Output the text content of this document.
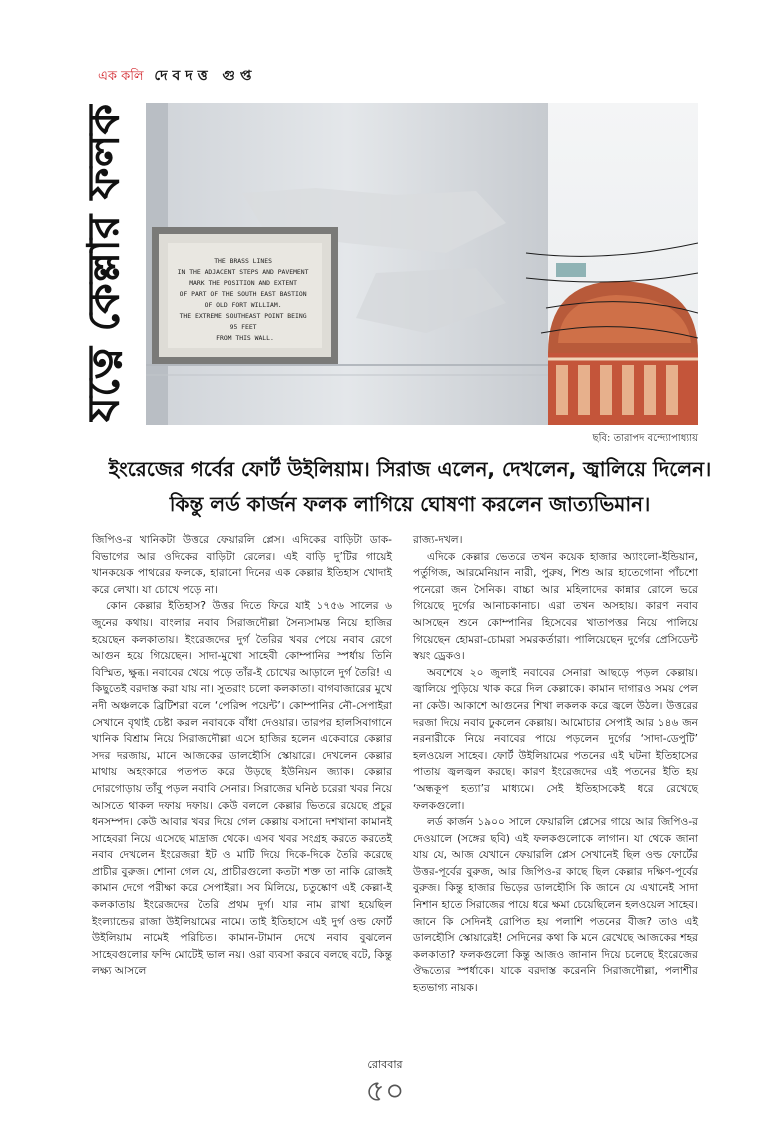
এক কলি দেবদত্ত গুপ্ত
যত্নে কেল্লার ফলক	THE BRASS LINES IN THE ADJACENT STEPS AND PAVEMENT MARK THE POSITION AND EXTENT OF PART OF THE SOUTH EAST BASTION OF OLD FORT WILLIAM. THE EXTREME SOUTHEAST POINT BEING 95 FEET FROM THIS WALL.
ছবি: তারাপদ বন্দ্যোপাধ্যায়
ইংরেজের গর্বের ফোর্ট উইলিয়াম। সিরাজ এলেন, দেখলেন, জ্বালিয়ে দিলেন। কিন্তু লর্ড কার্জন ফলক লাগিয়ে ঘোষণা করলেন জাত্যভিমান।

জিপিও-র খানিকটা উত্তরে ফেয়ারলি প্লেস। এদিকের বাড়িটা ডাক-বিভাগের আর ওদিকের বাড়িটা রেলের। এই বাড়ি দু’টির গায়েই খানকয়েক পাথরের ফলকে, হারানো দিনের এক কেল্লার ইতিহাস খোদাই করে লেখা। যা চোখে পড়ে না।

কোন কেল্লার ইতিহাস? উত্তর দিতে ফিরে যাই ১৭৫৬ সালের ৬ জুনের কথায়। বাংলার নবাব সিরাজদৌল্লা সৈন্যসামন্ত নিয়ে হাজির হয়েছেন কলকাতায়। ইংরেজদের দুর্গ তৈরির খবর পেয়ে নবাব রেগে আগুন হয়ে গিয়েছেন। সাদা-মুখো সাহেবী কোম্পানির স্পর্ধায় তিনি বিস্মিত, ক্ষুব্ধ। নবাবের খেয়ে পড়ে তাঁর-ই চোখের আড়ালে দুর্গ তৈরি! এ কিছুতেই বরদাস্ত করা যায় না। সুতরাং চলো কলকাতা। বাগবাজারের মুখে নদী অঞ্চলকে ব্রিটিশরা বলে ‘পেরিন্স পয়েন্ট’। কোম্পানির নৌ-সেপাইরা সেখানে বৃথাই চেষ্টা করল নবাবকে বাঁধা দেওয়ার। তারপর হালসিবাগানে খানিক বিশ্রাম নিয়ে সিরাজদৌল্লা এসে হাজির হলেন একেবারে কেল্লার সদর দরজায়, মানে আজকের ডালহৌসি স্কোয়ারে। দেখলেন কেল্লার মাথায় অহংকারে পতপত করে উড়ছে ইউনিয়ন জ্যাক। কেল্লার দোরগোড়ায় তাঁবু পড়ল নবাবি সেনার। সিরাজের ঘনিষ্ঠ চরেরা খবর নিয়ে আসতে থাকল দফায় দফায়। কেউ বললে কেল্লার ভিতরে রয়েছে প্রচুর ধনসম্পদ। কেউ আবার খবর দিয়ে গেল কেল্লায় বসানো দশখানা কামানই সাহেবরা নিয়ে এসেছে মাদ্রাজ থেকে। এসব খবর সংগ্রহ করতে করতেই নবাব দেখলেন ইংরেজরা ইট ও মাটি দিয়ে দিকে-দিকে তৈরি করেছে প্রাচীর বুরুজ। শোনা গেল যে, প্রাচীরগুলো কতটা শক্ত তা নাকি রোজই কামান দেগে পরীক্ষা করে সেপাইরা। সব মিলিয়ে, চতুষ্কোণ এই কেল্লা-ই কলকাতায় ইংরেজদের তৈরি প্রথম দুর্গ। যার নাম রাখা হয়েছিল ইংল্যান্ডের রাজা উইলিয়ামের নামে। তাই ইতিহাসে এই দুর্গ ওল্ড ফোর্ট উইলিয়াম নামেই পরিচিত। কামান-টামান দেখে নবাব বুঝলেন সাহেবগুলোর ফন্দি মোটেই ভাল নয়। ওরা ব্যবসা করবে বলছে বটে, কিন্তু লক্ষ্য আসলে

রাজ্য-দখল।

এদিকে কেল্লার ভেতরে তখন কয়েক হাজার অ্যাংলো-ইন্ডিয়ান, পর্তুগিজ, আরমেনিয়ান নারী, পুরুষ, শিশু আর হাতেগোনা পাঁচশো পনেরো জন সৈনিক। বাচ্চা আর মহিলাদের কান্নার রোলে ভরে গিয়েছে দুর্গের আনাচকানাচ। এরা তখন অসহায়। কারণ নবাব আসছেন শুনে কোম্পানির হিসেবের খাতাপত্তর নিয়ে পালিয়ে গিয়েছেন হোমরা-চোমরা সমরকর্তারা। পালিয়েছেন দুর্গের প্রেসিডেন্ট স্বয়ং ড্রেকও।

অবশেষে ২০ জুলাই নবাবের সেনারা আছড়ে পড়ল কেল্লায়। জ্বালিয়ে পুড়িয়ে খাক করে দিল কেল্লাকে। কামান দাগারও সময় পেল না কেউ। আকাশে আগুনের শিখা লকলক করে জ্বলে উঠল। উত্তরের দরজা দিয়ে নবাব ঢুকলেন কেল্লায়। আমোচার সেপাই আর ১৪৬ জন নরনারীকে নিয়ে নবাবের পায়ে পড়লেন দুর্গের ‘সাদা-ডেপুটি’ হলওয়েল সাহেব। ফোর্ট উইলিয়ামের পতনের এই ঘটনা ইতিহাসের পাতায় জ্বলজ্বল করছে। কারণ ইংরেজদের এই পতনের ইতি হয় ‘অন্ধকূপ হত্যা’র মাধ্যমে। সেই ইতিহাসকেই ধরে রেখেছে ফলকগুলো।

লর্ড কার্জন ১৯০০ সালে ফেয়ারলি প্লেসের গায়ে আর জিপিও-র দেওয়ালে (সঙ্গের ছবি) এই ফলকগুলোকে লাগান। যা থেকে জানা যায় যে, আজ যেখানে ফেয়ারলি প্লেস সেখানেই ছিল ওল্ড ফোর্টের উত্তর-পূর্বের বুরুজ, আর জিপিও-র কাছে ছিল কেল্লার দক্ষিণ-পূর্বের বুরুজ। কিন্তু হাজার ভিড়ের ডালহৌসি কি জানে যে এখানেই সাদা নিশান হাতে সিরাজের পায়ে ধরে ক্ষমা চেয়েছিলেন হলওয়েল সাহেব। জানে কি সেদিনই রোপিত হয় পলাশি পতনের বীজ? তাও এই ডালহৌসি স্কোয়ারেই! সেদিনের কথা কি মনে রেখেছে আজকের শহর কলকাতা? ফলকগুলো কিন্তু আজও জানান দিয়ে চলেছে ইংরেজের ঔদ্ধত্যের স্পর্ধাকে। যাকে বরদাস্ত করেননি সিরাজদৌল্লা, পলাশীর হতভাগ্য নায়ক।

রোববার
৫০
